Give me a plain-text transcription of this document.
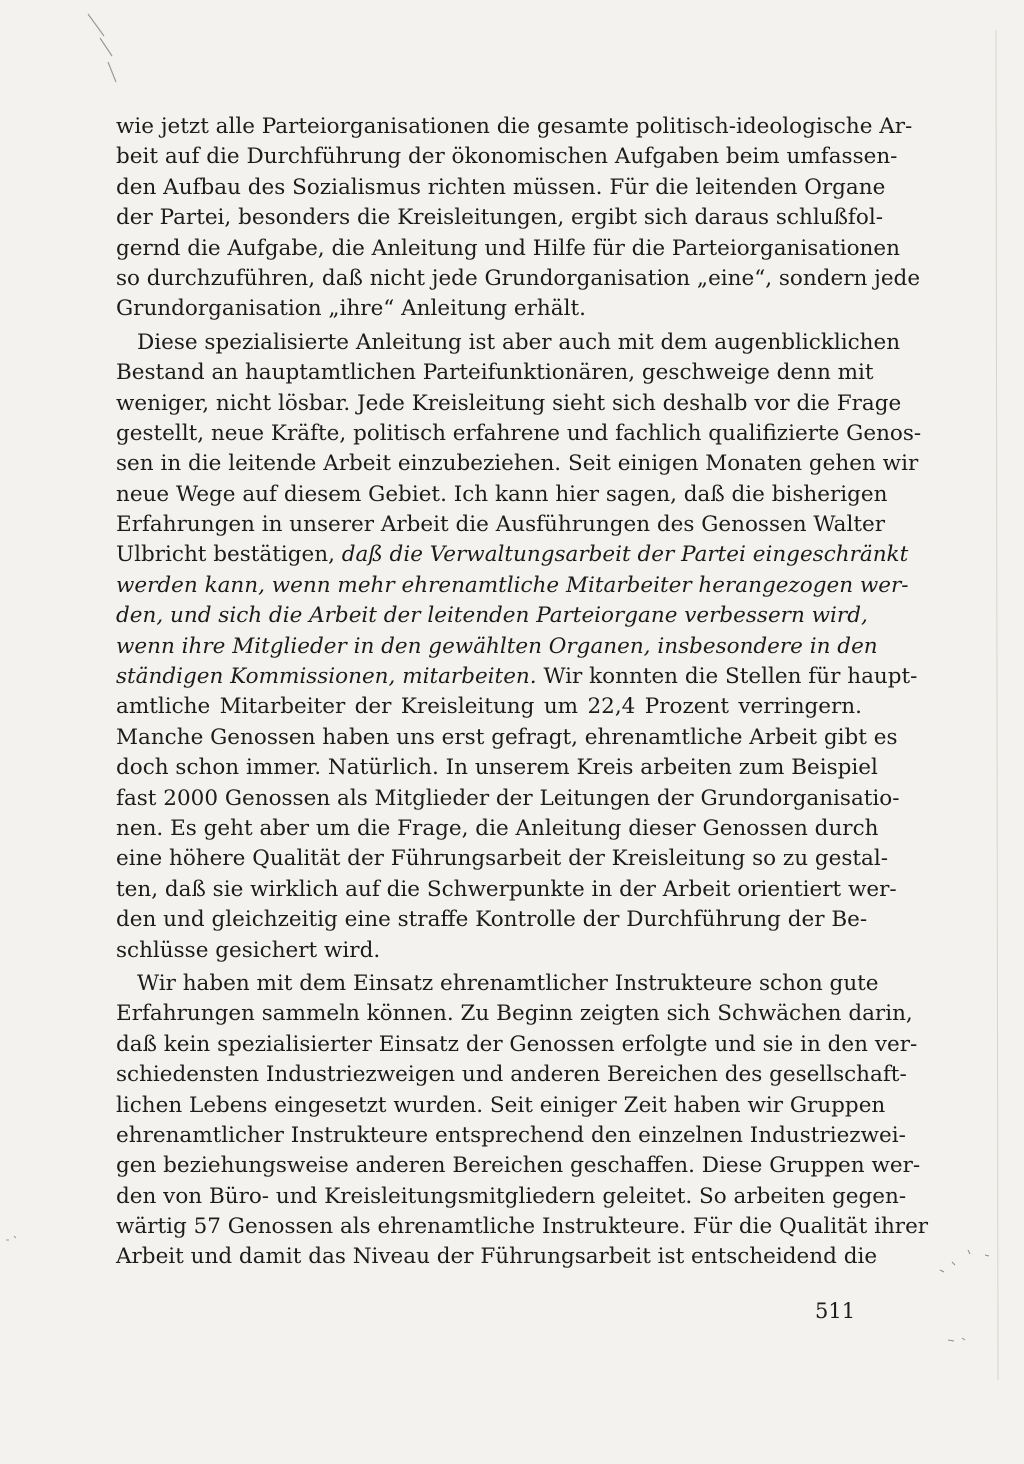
wie jetzt alle Parteiorganisationen die gesamte politisch-ideologische Ar-
beit auf die Durchführung der ökonomischen Aufgaben beim umfassen-
den Aufbau des Sozialismus richten müssen. Für die leitenden Organe
der Partei, besonders die Kreisleitungen, ergibt sich daraus schlußfol-
gernd die Aufgabe, die Anleitung und Hilfe für die Parteiorganisationen
so durchzuführen, daß nicht jede Grundorganisation „eine“, sondern jede
Grundorganisation „ihre“ Anleitung erhält.

Diese spezialisierte Anleitung ist aber auch mit dem augenblicklichen
Bestand an hauptamtlichen Parteifunktionären, geschweige denn mit
weniger, nicht lösbar. Jede Kreisleitung sieht sich deshalb vor die Frage
gestellt, neue Kräfte, politisch erfahrene und fachlich qualifizierte Genos-
sen in die leitende Arbeit einzubeziehen. Seit einigen Monaten gehen wir
neue Wege auf diesem Gebiet. Ich kann hier sagen, daß die bisherigen
Erfahrungen in unserer Arbeit die Ausführungen des Genossen Walter
Ulbricht bestätigen, daß die Verwaltungsarbeit der Partei eingeschränkt
werden kann, wenn mehr ehrenamtliche Mitarbeiter herangezogen wer-
den, und sich die Arbeit der leitenden Parteiorgane verbessern wird,
wenn ihre Mitglieder in den gewählten Organen, insbesondere in den
ständigen Kommissionen, mitarbeiten. Wir konnten die Stellen für haupt-
amtliche Mitarbeiter der Kreisleitung um 22,4 Prozent verringern.
Manche Genossen haben uns erst gefragt, ehrenamtliche Arbeit gibt es
doch schon immer. Natürlich. In unserem Kreis arbeiten zum Beispiel
fast 2000 Genossen als Mitglieder der Leitungen der Grundorganisatio-
nen. Es geht aber um die Frage, die Anleitung dieser Genossen durch
eine höhere Qualität der Führungsarbeit der Kreisleitung so zu gestal-
ten, daß sie wirklich auf die Schwerpunkte in der Arbeit orientiert wer-
den und gleichzeitig eine straffe Kontrolle der Durchführung der Be-
schlüsse gesichert wird.

Wir haben mit dem Einsatz ehrenamtlicher Instrukteure schon gute
Erfahrungen sammeln können. Zu Beginn zeigten sich Schwächen darin,
daß kein spezialisierter Einsatz der Genossen erfolgte und sie in den ver-
schiedensten Industriezweigen und anderen Bereichen des gesellschaft-
lichen Lebens eingesetzt wurden. Seit einiger Zeit haben wir Gruppen
ehrenamtlicher Instrukteure entsprechend den einzelnen Industriezwei-
gen beziehungsweise anderen Bereichen geschaffen. Diese Gruppen wer-
den von Büro- und Kreisleitungsmitgliedern geleitet. So arbeiten gegen-
wärtig 57 Genossen als ehrenamtliche Instrukteure. Für die Qualität ihrer
Arbeit und damit das Niveau der Führungsarbeit ist entscheidend die

511
